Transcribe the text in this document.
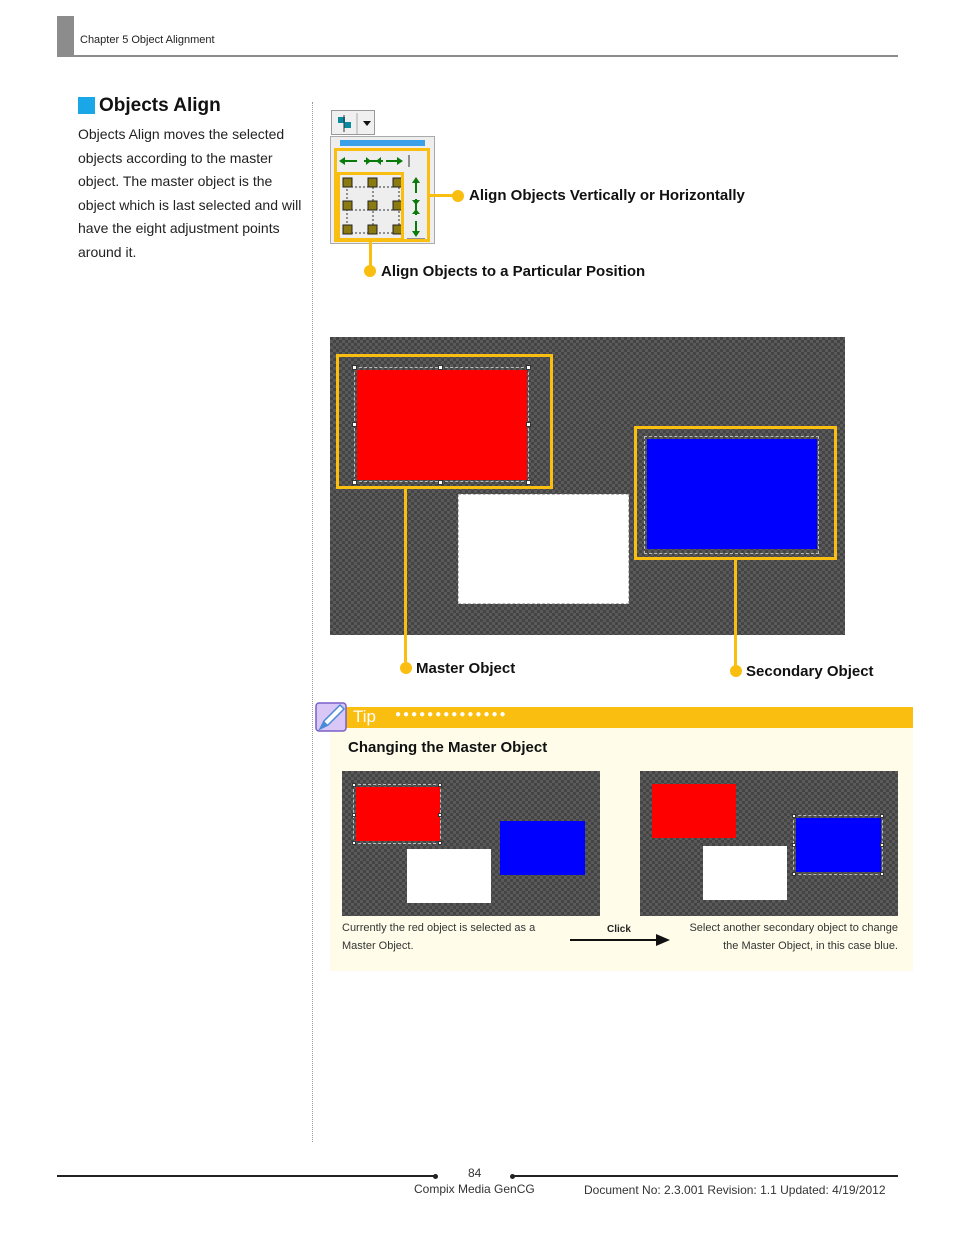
Chapter 5 Object Alignment
Objects Align
Objects Align moves the selected objects according to the master object. The master object is the object which is last selected and will have the eight adjustment points around it.
Align Objects Vertically or Horizontally
Align Objects to a Particular Position
Master Object	Secondary Object
Tip ●●●●●●●●●●●●●●
Changing the Master Object
Currently the red object is selected as a Master Object.
Click	Select another secondary object to change the Master Object, in this case blue.
84
Compix Media GenCG	Document No: 2.3.001 Revision: 1.1 Updated: 4/19/2012
